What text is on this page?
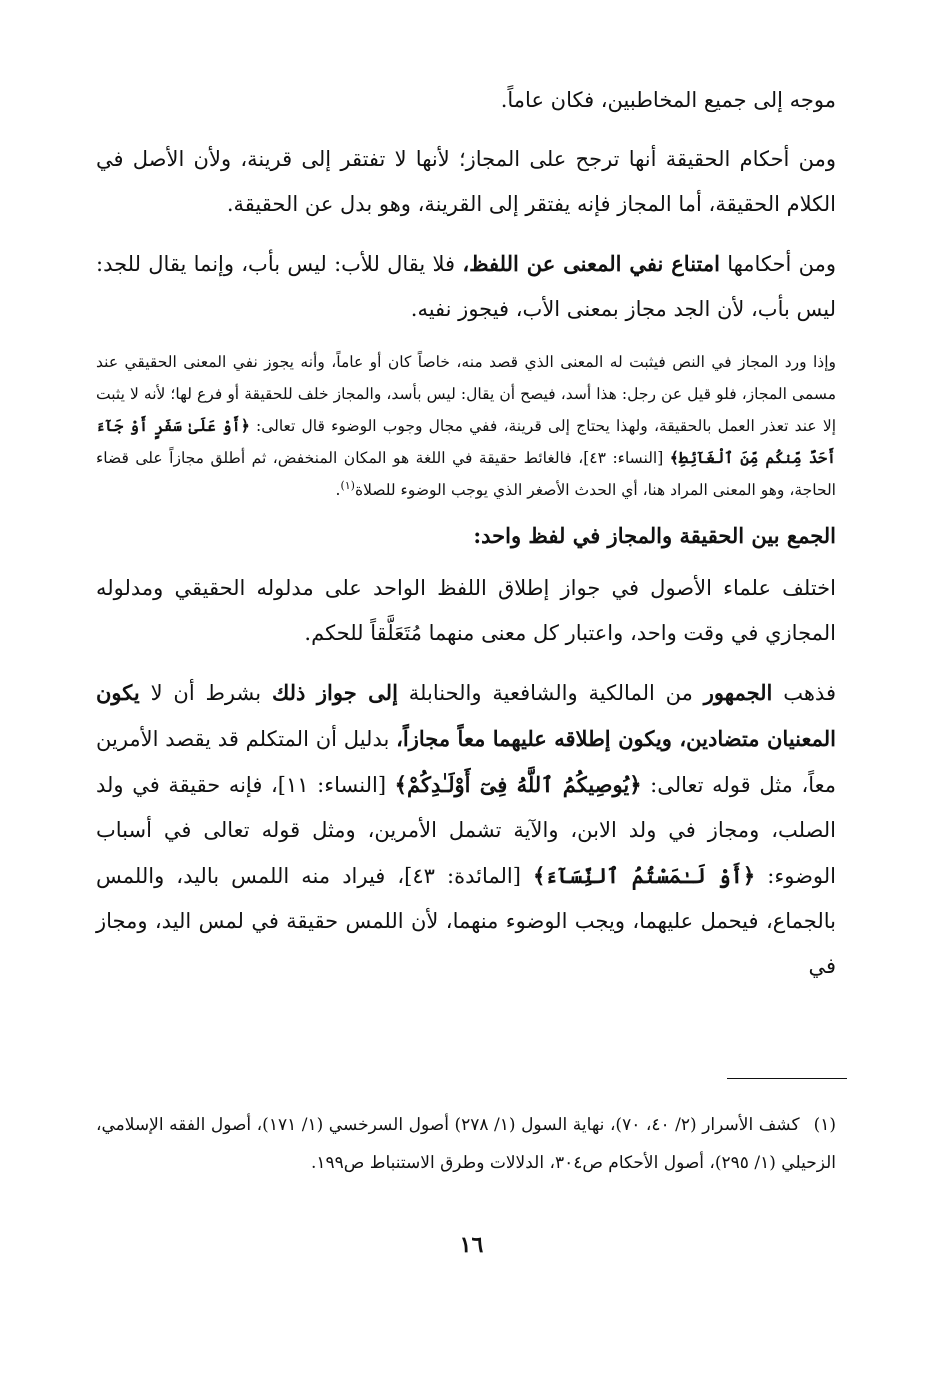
موجه إلى جميع المخاطبين، فكان عاماً.

ومن أحكام الحقيقة أنها ترجح على المجاز؛ لأنها لا تفتقر إلى قرينة، ولأن الأصل في الكلام الحقيقة، أما المجاز فإنه يفتقر إلى القرينة، وهو بدل عن الحقيقة.

ومن أحكامها امتناع نفي المعنى عن اللفظ، فلا يقال للأب: ليس بأب، وإنما يقال للجد: ليس بأب، لأن الجد مجاز بمعنى الأب، فيجوز نفيه.

وإذا ورد المجاز في النص فيثبت له المعنى الذي قصد منه، خاصاً كان أو عاماً، وأنه يجوز نفي المعنى الحقيقي عند مسمى المجاز، فلو قيل عن رجل: هذا أسد، فيصح أن يقال: ليس بأسد، والمجاز خلف للحقيقة أو فرع لها؛ لأنه لا يثبت إلا عند تعذر العمل بالحقيقة، ولهذا يحتاج إلى قرينة، ففي مجال وجوب الوضوء قال تعالى: ﴿أَوْ عَلَىٰ سَفَرٍ أَوْ جَآءَ أَحَدٌ مِّنكُم مِّنَ ٱلْغَآئِطِ﴾ [النساء: ٤٣]، فالغائط حقيقة في اللغة هو المكان المنخفض، ثم أطلق مجازاً على قضاء الحاجة، وهو المعنى المراد هنا، أي الحدث الأصغر الذي يوجب الوضوء للصلاة$^{(١)}$.

الجمع بين الحقيقة والمجاز في لفظ واحد:

اختلف علماء الأصول في جواز إطلاق اللفظ الواحد على مدلوله الحقيقي ومدلوله المجازي في وقت واحد، واعتبار كل معنى منهما مُتَعَلَّقاً للحكم.

فذهب الجمهور من المالكية والشافعية والحنابلة إلى جواز ذلك بشرط أن لا يكون المعنيان متضادين، ويكون إطلاقه عليهما معاً مجازاً، بدليل أن المتكلم قد يقصد الأمرين معاً، مثل قوله تعالى: ﴿يُوصِيكُمُ ٱللَّهُ فِىٓ أَوْلَـٰدِكُمْ﴾ [النساء: ١١]، فإنه حقيقة في ولد الصلب، ومجاز في ولد الابن، والآية تشمل الأمرين، ومثل قوله تعالى في أسباب الوضوء: ﴿أَوْ لَـٰمَسْتُمُ ٱلنِّسَآءَ﴾ [المائدة: ٤٣]، فيراد منه اللمس باليد، واللمس بالجماع، فيحمل عليهما، ويجب الوضوء منهما، لأن اللمس حقيقة في لمس اليد، ومجاز في

(١)كشف الأسرار (٢/ ٤٠، ٧٠)، نهاية السول (١/ ٢٧٨) أصول السرخسي (١/ ١٧١)، أصول الفقه الإسلامي، الزحيلي (١/ ٢٩٥)، أصول الأحكام ص٣٠٤، الدلالات وطرق الاستنباط ص١٩٩.
١٦
